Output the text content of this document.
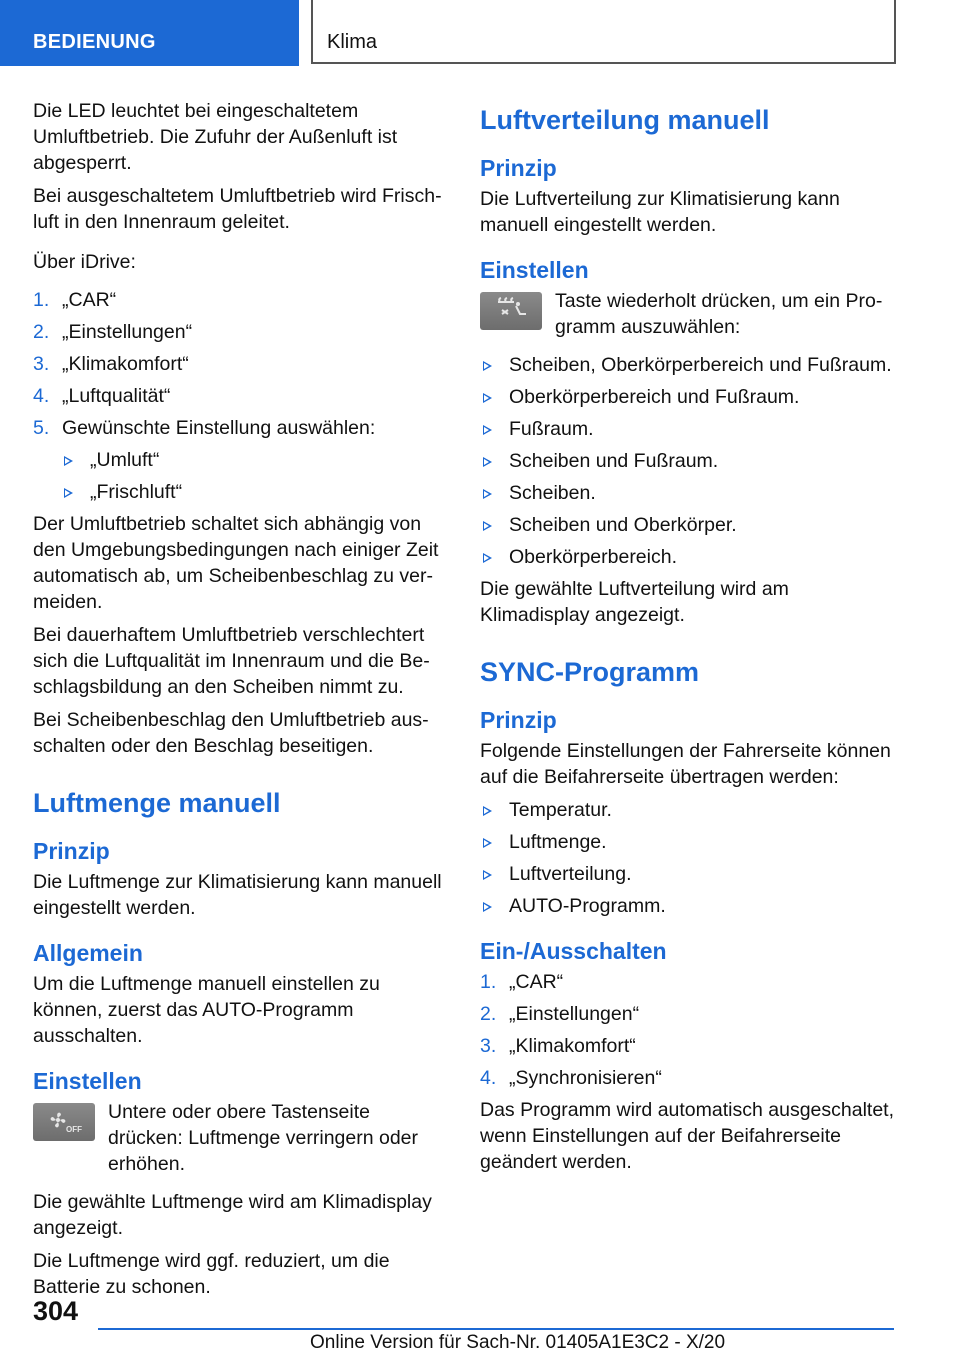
BEDIENUNG	Klima

Die LED leuchtet bei eingeschaltetem Umluftbetrieb. Die Zufuhr der Außenluft ist abgesperrt.

Bei ausgeschaltetem Umluftbetrieb wird Frischluft in den Innenraum geleitet.

Über iDrive:

1. „CAR“
2. „Einstellungen“
3. „Klimakomfort“
4. „Luftqualität“
5. Gewünschte Einstellung auswählen:
„Umluft“
„Frischluft“

Der Umluftbetrieb schaltet sich abhängig von den Umgebungsbedingungen nach einiger Zeit automatisch ab, um Scheibenbeschlag zu vermeiden.

Bei dauerhaftem Umluftbetrieb verschlechtert sich die Luftqualität im Innenraum und die Beschlagsbildung an den Scheiben nimmt zu.

Bei Scheibenbeschlag den Umluftbetrieb ausschalten oder den Beschlag beseitigen.

Luftmenge manuell
Prinzip

Die Luftmenge zur Klimatisierung kann manuell eingestellt werden.

Allgemein

Um die Luftmenge manuell einstellen zu können, zuerst das AUTO-Programm ausschalten.

Einstellen
OFF
Untere oder obere Tastenseite drücken: Luftmenge verringern oder erhöhen.

Die gewählte Luftmenge wird am Klimadisplay angezeigt.

Die Luftmenge wird ggf. reduziert, um die Batterie zu schonen.

Luftverteilung manuell
Prinzip

Die Luftverteilung zur Klimatisierung kann manuell eingestellt werden.

Einstellen
Taste wiederholt drücken, um ein Programm auszuwählen:
Scheiben, Oberkörperbereich und Fußraum.
Oberkörperbereich und Fußraum.
Fußraum.
Scheiben und Fußraum.
Scheiben.
Scheiben und Oberkörper.
Oberkörperbereich.

Die gewählte Luftverteilung wird am Klimadisplay angezeigt.

SYNC-Programm
Prinzip

Folgende Einstellungen der Fahrerseite können auf die Beifahrerseite übertragen werden:

Temperatur.
Luftmenge.
Luftverteilung.
AUTO-Programm.
Ein-/Ausschalten
1. „CAR“
2. „Einstellungen“
3. „Klimakomfort“
4. „Synchronisieren“

Das Programm wird automatisch ausgeschaltet, wenn Einstellungen auf der Beifahrerseite geändert werden.

304
Online Version für Sach-Nr. 01405A1E3C2 - X/20
